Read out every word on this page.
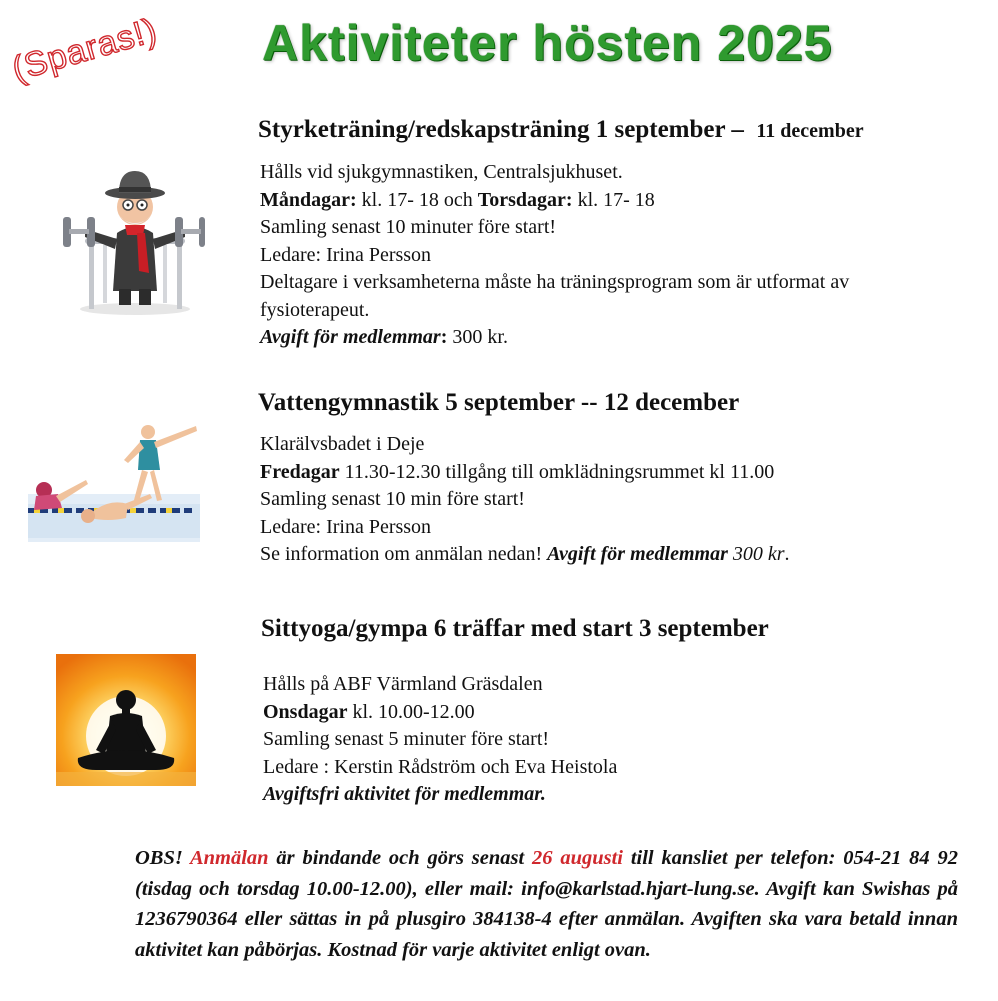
Aktiviteter hösten 2025
(Sparas!)
Styrketräning/redskapsträning 1 september – 11 december
Hålls vid sjukgymnastiken, Centralsjukhuset.
Måndagar: kl. 17- 18 och Torsdagar: kl. 17- 18
Samling senast 10 minuter före start!
Ledare: Irina Persson
Deltagare i verksamheterna måste ha träningsprogram som är utformat av fysioterapeut.
Avgift för medlemmar: 300 kr.
Vattengymnastik 5 september -- 12 december
Klarälvsbadet i Deje
Fredagar 11.30-12.30 tillgång till omklädningsrummet kl 11.00
Samling senast 10 min före start!
Ledare: Irina Persson
Se information om anmälan nedan! Avgift för medlemmar 300 kr.
Sittyoga/gympa 6 träffar med start 3 september
Hålls på ABF Värmland Gräsdalen
Onsdagar kl. 10.00-12.00
Samling senast 5 minuter före start!
Ledare : Kerstin Rådström och Eva Heistola
Avgiftsfri aktivitet för medlemmar.
OBS! Anmälan är bindande och görs senast 26 augusti till kansliet per telefon: 054-21 84 92 (tisdag och torsdag 10.00-12.00), eller mail: info@karlstad.hjart-lung.se. Avgift kan Swishas på 1236790364 eller sättas in på plusgiro 384138-4 efter anmälan. Avgiften ska vara betald innan aktivitet kan påbörjas. Kostnad för varje aktivitet enligt ovan.
